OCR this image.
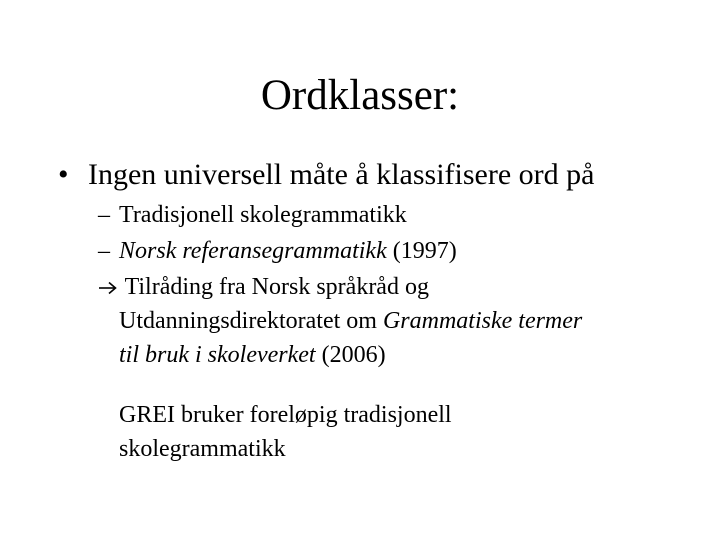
Ordklasser:
• Ingen universell måte å klassifisere ord på
– Tradisjonell skolegrammatikk
– Norsk referansegrammatikk (1997)
Tilråding fra Norsk språkråd og
Utdanningsdirektoratet om Grammatiske termer
til bruk i skoleverket (2006)
GREI bruker foreløpig tradisjonell
skolegrammatikk
